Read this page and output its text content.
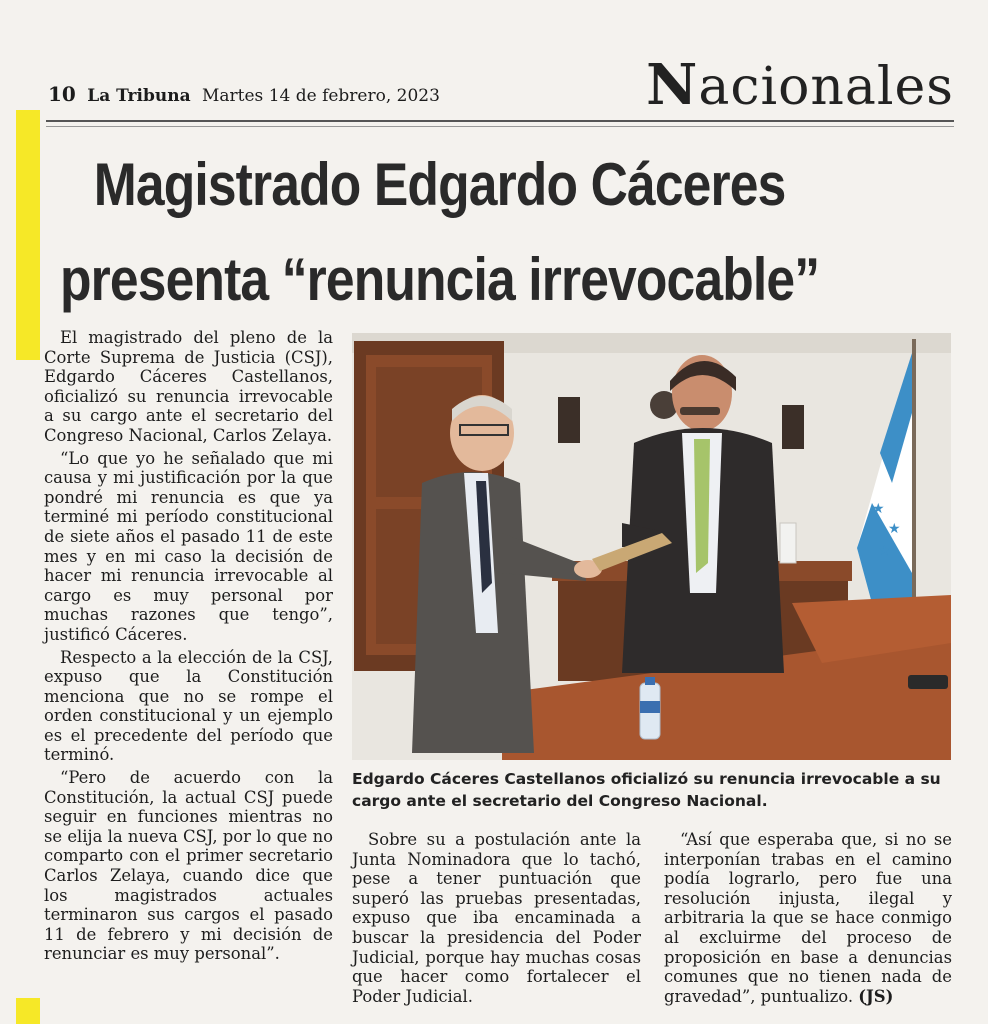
10 La Tribuna Martes 14 de febrero, 2023	Nacionales
Magistrado Edgardo Cáceres
presenta “renuncia irrevocable”

El magistrado del pleno de la Corte Suprema de Justicia (CSJ), Edgardo Cáceres Castellanos, oficializó su renuncia irrevocable a su cargo ante el secretario del Congreso Nacional, Carlos Zelaya.

“Lo que yo he señalado que mi causa y mi justificación por la que pondré mi renuncia es que ya terminé mi período constitucional de siete años el pasado 11 de este mes y en mi caso la decisión de hacer mi renuncia irrevocable al cargo es muy personal por muchas razones que tengo”, justificó Cáceres.

Respecto a la elección de la CSJ, expuso que la Constitución menciona que no se rompe el orden constitucional y un ejemplo es el precedente del período que terminó.

“Pero de acuerdo con la Constitución, la actual CSJ puede seguir en funciones mientras no se elija la nueva CSJ, por lo que no comparto con el primer secretario Carlos Zelaya, cuando dice que los magistrados actuales terminaron sus cargos el pasado 11 de febrero y mi decisión de renunciar es muy personal”.

★
★
★
Edgardo Cáceres Castellanos oficializó su renuncia irrevocable a su cargo ante el secretario del Congreso Nacional.

Sobre su a postulación ante la Junta Nominadora que lo tachó, pese a tener puntuación que superó las pruebas presentadas, expuso que iba encaminada a buscar la presidencia del Poder Judicial, porque hay muchas cosas que hacer como fortalecer el Poder Judicial.

“Así que esperaba que, si no se interponían trabas en el camino podía lograrlo, pero fue una resolución injusta, ilegal y arbitraria la que se hace conmigo al excluirme del proceso de proposición en base a denuncias comunes que no tienen nada de gravedad”, puntualizo. (JS)
